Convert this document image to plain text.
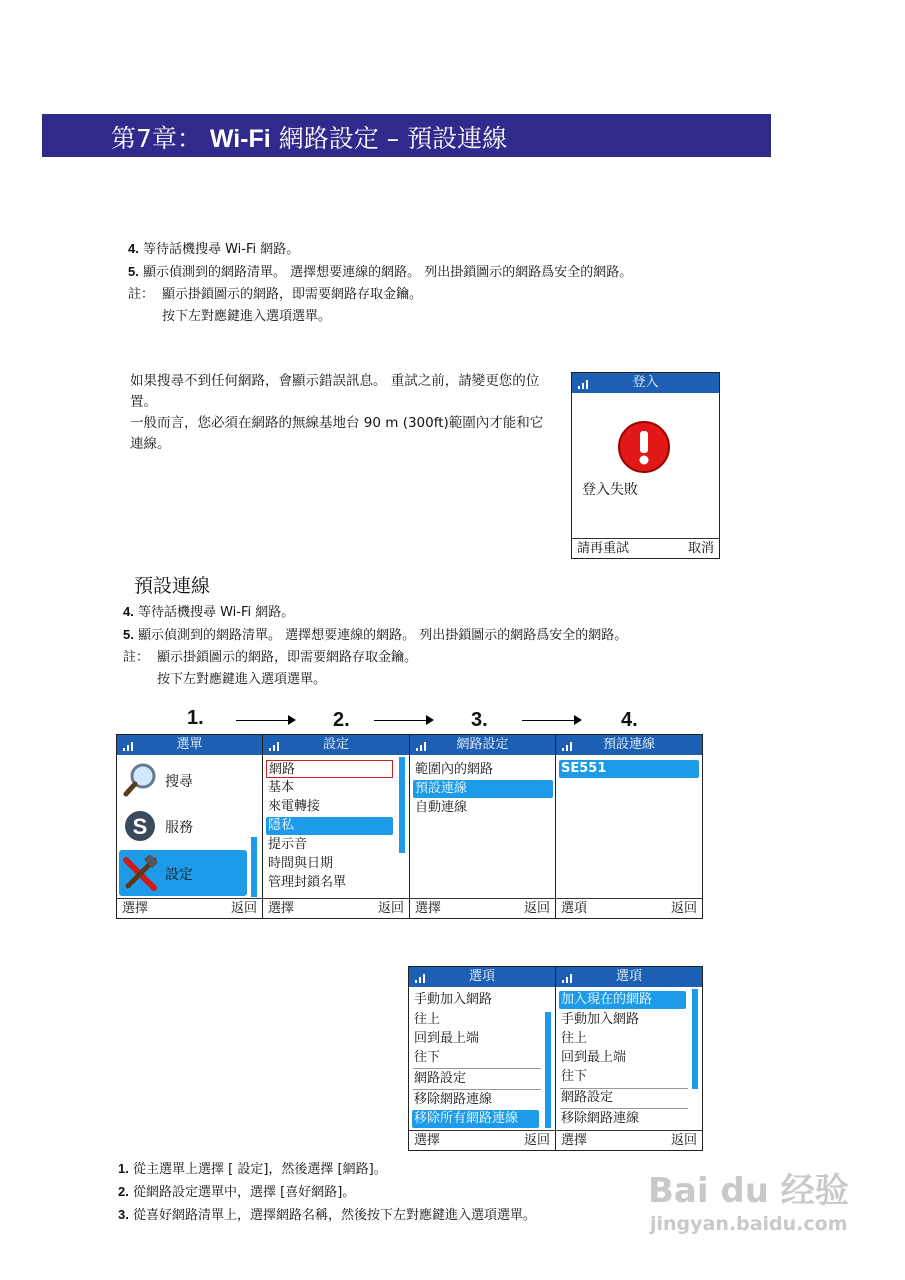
第7章： Wi-Fi 網路設定 – 預設連線
4. 等待話機搜尋 Wi-Fi 網路。
5. 顯示偵測到的網路清單。 選擇想要連線的網路。 列出掛鎖圖示的網路爲安全的網路。
註： 顯示掛鎖圖示的網路，即需要網路存取金鑰。
按下左對應鍵進入選項選單。
如果搜尋不到任何網路，會顯示錯誤訊息。 重試之前，請變更您的位置。
一般而言，您必須在網路的無線基地台 90 m (300ft)範圍內才能和它連線。
登入
登入失敗
請再重試	取消
預設連線
4. 等待話機搜尋 Wi-Fi 網路。
5. 顯示偵測到的網路清單。 選擇想要連線的網路。 列出掛鎖圖示的網路爲安全的網路。
註： 顯示掛鎖圖示的網路，即需要網路存取金鑰。
按下左對應鍵進入選項選單。
1.	2.	3.	4.
選單
搜尋
S 服務
設定
選擇	返回
設定
網路
基本
來電轉接
隱私
提示音
時間與日期
管理封鎖名單
選擇	返回
網路設定
範圍內的網路
預設連線
自動連線
選擇	返回
預設連線
SE551
選項	返回
選項
手動加入網路
往上
回到最上端
往下
網路設定
移除網路連線
移除所有網路連線
選擇	返回
選項
加入現在的網路
手動加入網路
往上
回到最上端
往下
網路設定
移除網路連線
選擇	返回
1. 從主選單上選擇 [ 設定]，然後選擇 [網路]。
2. 從網路設定選單中，選擇 [喜好網路]。
3. 從喜好網路清單上，選擇網路名稱，然後按下左對應鍵進入選項選單。
Bai du 经验
jingyan.baidu.com
